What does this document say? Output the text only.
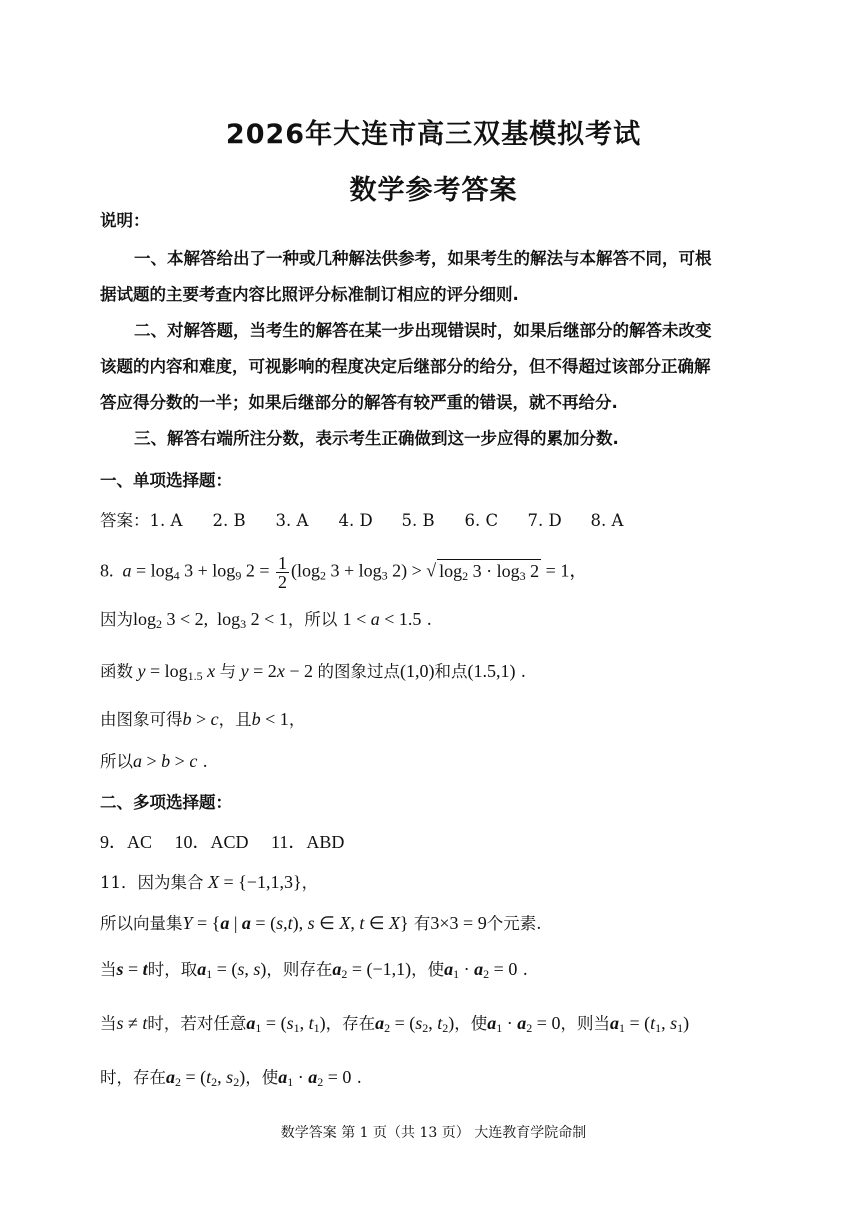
2026年大连市高三双基模拟考试
数学参考答案
说明：
一、本解答给出了一种或几种解法供参考，如果考生的解法与本解答不同，可根
据试题的主要考查内容比照评分标准制订相应的评分细则.
二、对解答题，当考生的解答在某一步出现错误时，如果后继部分的解答未改变
该题的内容和难度，可视影响的程度决定后继部分的给分，但不得超过该部分正确解
答应得分数的一半；如果后继部分的解答有较严重的错误，就不再给分.
三、解答右端所注分数，表示考生正确做到这一步应得的累加分数.
一、单项选择题：
答案：1. A 2. B 3. A 4. D 5. B 6. C 7. D 8. A
8. $a = \log_4 3 + \log_9 2 = \frac{1}{2} (\log_2$ $3 + \log_3 2$) > √ $\log_2 3 \cdot \log_3 2 = 1$，
因为$\log_2 3 < 2$,  $\log_3 2 < 1$，所以 1 < a < 1.5 .
函数 $y = \log_{1.5} x$ 与 y = 2x − 2 的图象过点(1,0)和点(1.5,1) .
由图象可得b > c，且b < 1，
所以a > b > c .
二、多项选择题：
9．AC　 10．ACD　 11．ABD
11．因为集合 X = {−1,1,3}，
所以向量集Y = {a | a = (s,t), s ∈ X, t ∈ X} 有3×3 = 9个元素.
当s = t时，取$a_1 = (s$, s)，则存在$a_2 = (-1,1)$，使$a_1 \cdot a_2 = 0$ .
当s ≠ t时，若对任意$a_1 = (s_1$, $t_1$)，存在$a_2 = (s_2$, $t_2$)，使$a_1 \cdot a_2 = 0$，则当$a_1 = (t_1$, $s_1$)
时，存在$a_2 = (t_2$, $s_2$)，使$a_1 \cdot a_2 = 0$ .
数学答案 第 1 页（共 13 页） 大连教育学院命制
